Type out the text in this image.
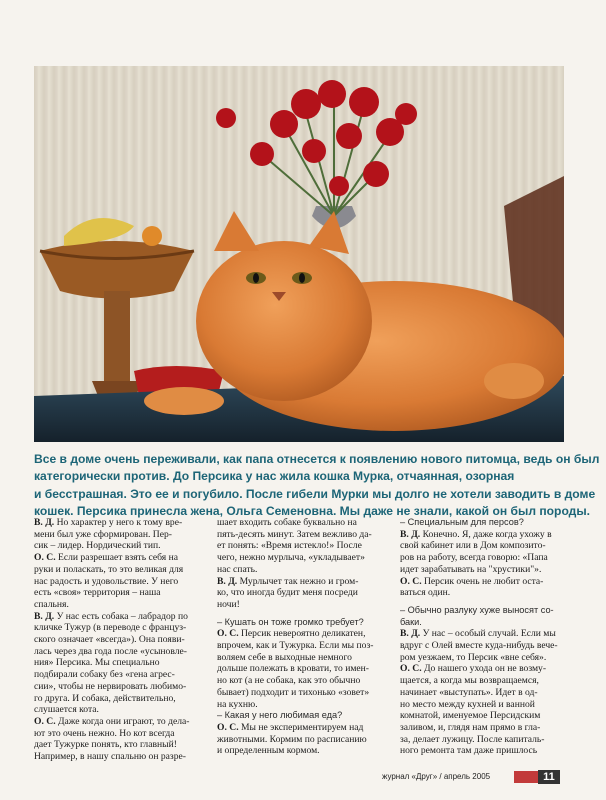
Все в доме очень переживали, как папа отнесется к появлению нового питомца, ведь он был
категорически против. До Персика у нас жила кошка Мурка, отчаянная, озорная
и бесстрашная. Это ее и погубило. После гибели Мурки мы долго не хотели заводить в доме
кошек. Персика принесла жена, Ольга Семеновна. Мы даже не знали, какой он был породы.
В. Д. Но характер у него к тому вре-
мени был уже сформирован. Пер-
сик – лидер. Нордический тип.
О. С. Если разрешает взять себя на
руки и поласкать, то это великая для
нас радость и удовольствие. У него
есть «своя» территория – наша
спальня.
В. Д. У нас есть собака – лабрадор по
кличке Тужур (в переводе с француз-
ского означает «всегда»). Она появи-
лась через два года после «усыновле-
ния» Персика. Мы специально
подбирали собаку без «гена агрес-
сии», чтобы не нервировать любимо-
го друга. И собака, действительно,
слушается кота.
О. С. Даже когда они играют, то дела-
ют это очень нежно. Но кот всегда
дает Тужурке понять, кто главный!
Например, в нашу спальню он разре-
шает входить собаке буквально на
пять-десять минут. Затем вежливо да-
ет понять: «Время истекло!» После
чего, нежно мурлыча, «укладывает»
нас спать.
В. Д. Мурлычет так нежно и гром-
ко, что иногда будит меня посреди
ночи!
– Кушать он тоже громко требует?
О. С. Персик невероятно деликатен,
впрочем, как и Тужурка. Если мы поз-
воляем себе в выходные немного
дольше полежать в кровати, то имен-
но кот (а не собака, как это обычно
бывает) подходит и тихонько «зовет»
на кухню.
– Какая у него любимая еда?
О. С. Мы не экспериментируем над
животными. Кормим по расписанию
и определенным кормом.
– Специальным для персов?
В. Д. Конечно. Я, даже когда ухожу в
свой кабинет или в Дом композито-
ров на работу, всегда говорю: «Папа
идет зарабатывать на "хрустики"».
О. С. Персик очень не любит оста-
ваться один.
– Обычно разлуку хуже выносят со-
баки.
В. Д. У нас – особый случай. Если мы
вдруг с Олей вместе куда-нибудь вече-
ром уезжаем, то Персик «вне себя».
О. С. До нашего ухода он не возму-
щается, а когда мы возвращаемся,
начинает «выступать». Идет в од-
но место между кухней и ванной
комнатой, именуемое Персидским
заливом, и, глядя нам прямо в гла-
за, делает лужицу. После капиталь-
ного ремонта там даже пришлось
журнал «Друг» / апрель 2005	11
